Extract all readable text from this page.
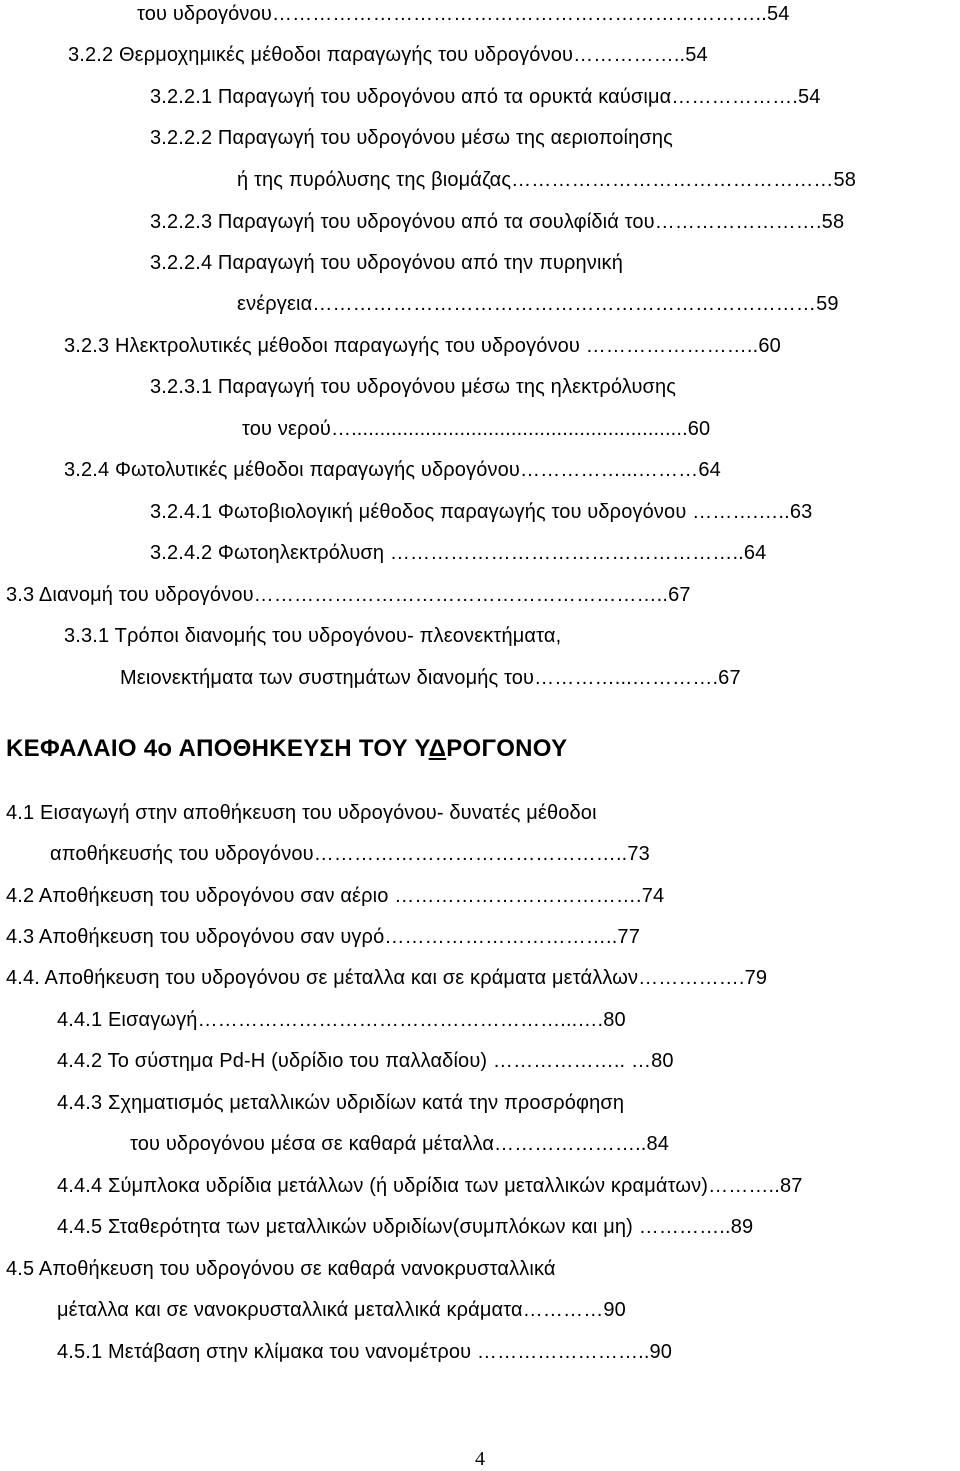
του υδρογόνου………………………………………………………………..54
3.2.2 Θερμοχημικές μέθοδοι παραγωγής του υδρογόνου……………..54
3.2.2.1 Παραγωγή του υδρογόνου από τα ορυκτά καύσιμα……………….54
3.2.2.2 Παραγωγή του υδρογόνου μέσω της αεριοποίησης
ή της πυρόλυσης της βιομάζας…………………………………………58
3.2.2.3 Παραγωγή του υδρογόνου από τα σουλφίδιά του…………………….58
3.2.2.4 Παραγωγή του υδρογόνου από την πυρηνική
ενέργεια…………………………………………………………………59
3.2.3 Ηλεκτρολυτικές μέθοδοι παραγωγής του υδρογόνου ……………………..60
3.2.3.1 Παραγωγή του υδρογόνου μέσω της ηλεκτρόλυσης
του νερού…...........................................................60
3.2.4 Φωτολυτικές μέθοδοι παραγωγής υδρογόνου……………...………64
3.2.4.1 Φωτοβιολογική μέθοδος παραγωγής του υδρογόνου ……….…..63
3.2.4.2 Φωτοηλεκτρόλυση ……………………………………………..64
3.3 Διανομή του υδρογόνου……………………………………………………..67
3.3.1 Τρόποι διανομής του υδρογόνου- πλεονεκτήματα,
Μειονεκτήματα των συστημάτων διανομής του…………...………….67
ΚΕΦΑΛΑΙΟ 4ο ΑΠΟΘΗΚΕΥΣΗ ΤΟΥ ΥΔΡΟΓΟΝΟΥ
4.1 Εισαγωγή στην αποθήκευση του υδρογόνου- δυνατές μέθοδοι
αποθήκευσής του υδρογόνου………………………………………..73
4.2 Αποθήκευση του υδρογόνου σαν αέριο ……………………………….74
4.3 Αποθήκευση του υδρογόνου σαν υγρό……………………………..77
4.4. Αποθήκευση του υδρογόνου σε μέταλλα και σε κράματα μετάλλων…………….79
4.4.1 Εισαγωγή………………………………………………...….80
4.4.2 Το σύστημα Pd-H (υδρίδιο του παλλαδίου) ……………….. …80
4.4.3 Σχηματισμός μεταλλικών υδριδίων κατά την προσρόφηση
του υδρογόνου μέσα σε καθαρά μέταλλα…………………..84
4.4.4 Σύμπλοκα υδρίδια μετάλλων (ή υδρίδια των μεταλλικών κραμάτων)………..87
4.4.5 Σταθερότητα των μεταλλικών υδριδίων(συμπλόκων και μη) …………..89
4.5 Αποθήκευση του υδρογόνου σε καθαρά νανοκρυσταλλικά
μέταλλα και σε νανοκρυσταλλικά μεταλλικά κράματα…………90
4.5.1 Μετάβαση στην κλίμακα του νανομέτρου ……………………..90
4
